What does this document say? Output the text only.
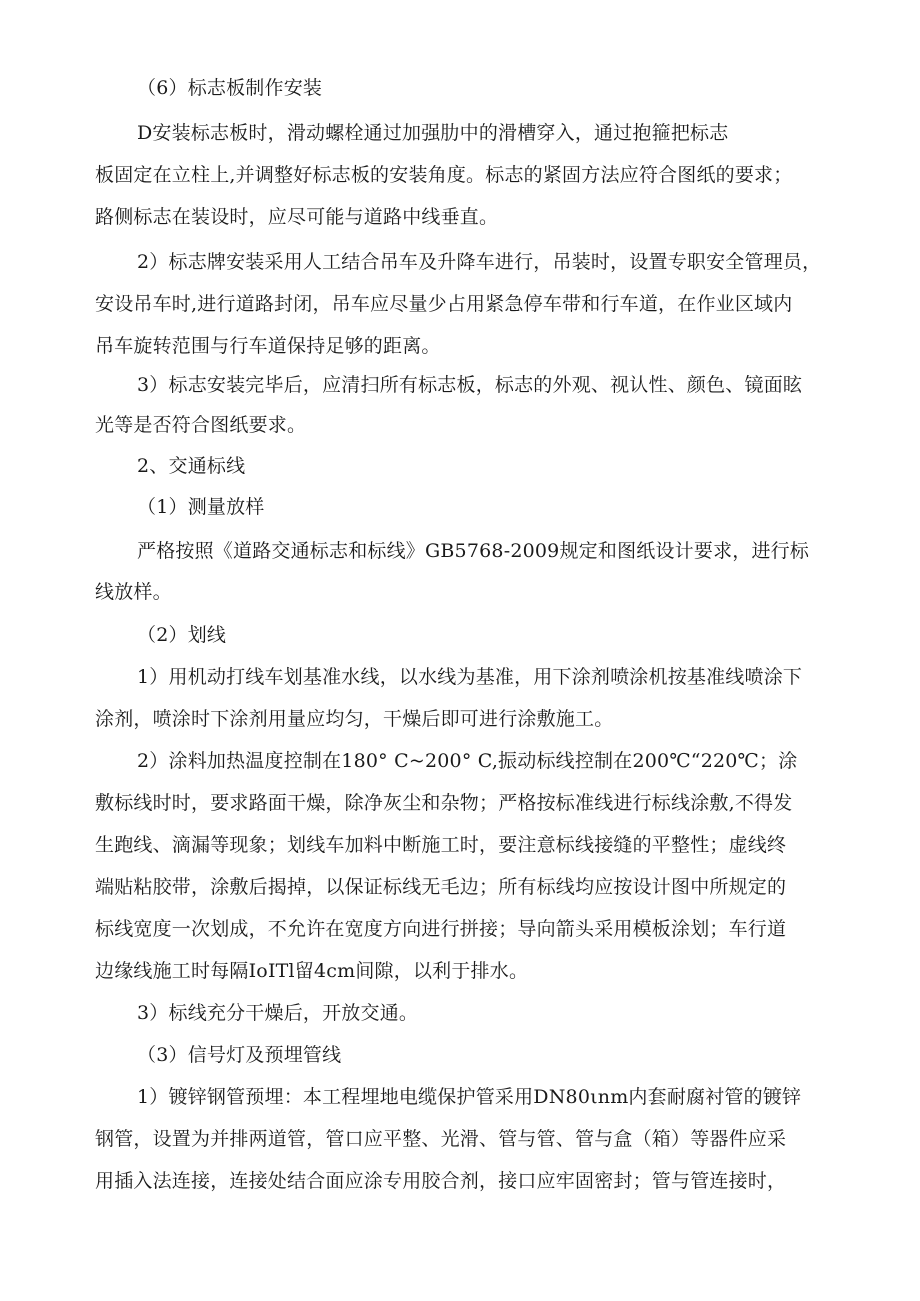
（6）标志板制作安装
D安装标志板时，滑动螺栓通过加强肋中的滑槽穿入，通过抱箍把标志
板固定在立柱上,并调整好标志板的安装角度。标志的紧固方法应符合图纸的要求；
路侧标志在装设时，应尽可能与道路中线垂直。
2）标志牌安装采用人工结合吊车及升降车进行，吊装时，设置专职安全管理员，
安设吊车时,进行道路封闭，吊车应尽量少占用紧急停车带和行车道，在作业区域内
吊车旋转范围与行车道保持足够的距离。
3）标志安装完毕后，应清扫所有标志板，标志的外观、视认性、颜色、镜面眩
光等是否符合图纸要求。
2、交通标线
（1）测量放样
严格按照《道路交通标志和标线》GB5768-2009规定和图纸设计要求，进行标
线放样。
（2）划线
1）用机动打线车划基准水线，以水线为基准，用下涂剂喷涂机按基准线喷涂下
涂剂，喷涂时下涂剂用量应均匀，干燥后即可进行涂敷施工。
2）涂料加热温度控制在180° C~200° C,振动标线控制在200℃“220℃；涂
敷标线时时，要求路面干燥，除净灰尘和杂物；严格按标准线进行标线涂敷,不得发
生跑线、滴漏等现象；划线车加料中断施工时，要注意标线接缝的平整性；虚线终
端贴粘胶带，涂敷后揭掉，以保证标线无毛边；所有标线均应按设计图中所规定的
标线宽度一次划成，不允许在宽度方向进行拼接；导向箭头采用模板涂划；车行道
边缘线施工时每隔IoITl留4cm间隙，以利于排水。
3）标线充分干燥后，开放交通。
（3）信号灯及预埋管线
1）镀锌钢管预埋：本工程埋地电缆保护管采用DN80ιnm内套耐腐衬管的镀锌
钢管，设置为并排两道管，管口应平整、光滑、管与管、管与盒（箱）等器件应采
用插入法连接，连接处结合面应涂专用胶合剂，接口应牢固密封；管与管连接时，
